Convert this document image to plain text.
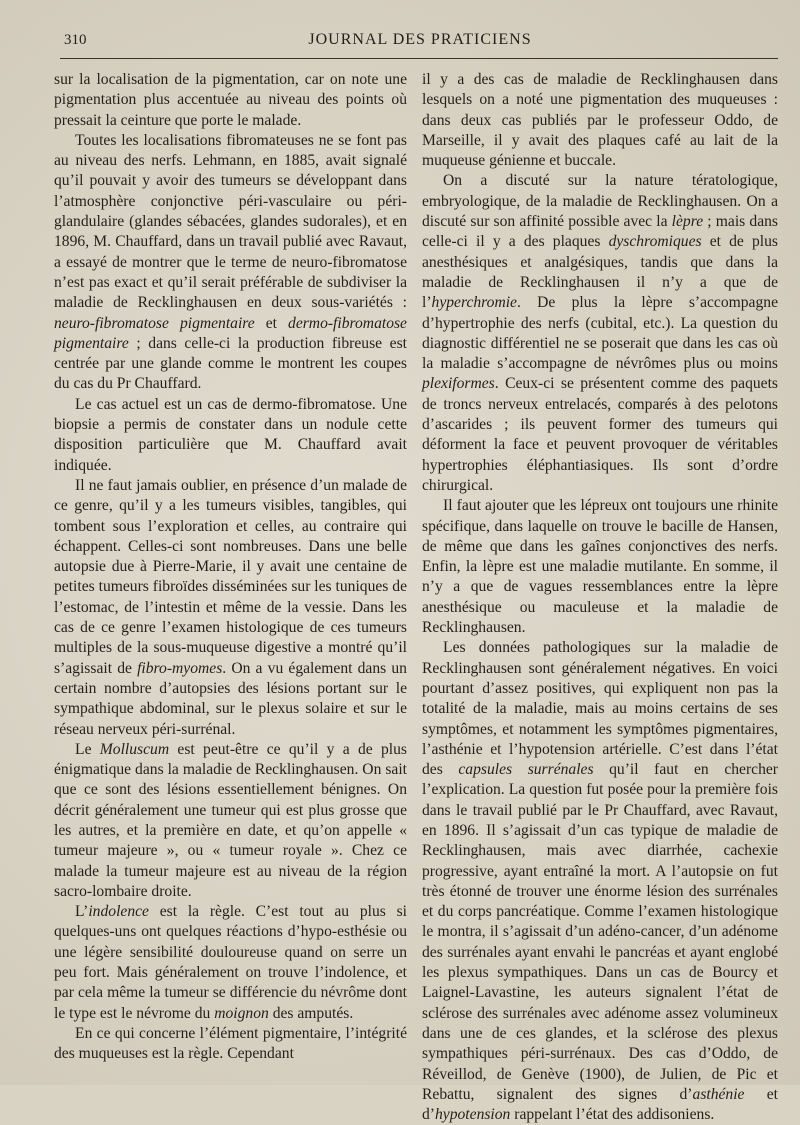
310	JOURNAL DES PRATICIENS

sur la localisation de la pigmentation, car on note une pigmentation plus accentuée au niveau des points où pressait la ceinture que porte le malade.

Toutes les localisations fibromateuses ne se font pas au niveau des nerfs. Lehmann, en 1885, avait signalé qu’il pouvait y avoir des tumeurs se développant dans l’atmosphère conjonctive péri-vasculaire ou péri-glandulaire (glandes sébacées, glandes sudorales), et en 1896, M. Chauffard, dans un travail publié avec Ravaut, a essayé de montrer que le terme de neuro-fibromatose n’est pas exact et qu’il serait préférable de subdiviser la maladie de Recklinghausen en deux sous-variétés : neuro-fibromatose pigmentaire et dermo-fibromatose pigmentaire ; dans celle-ci la production fibreuse est centrée par une glande comme le montrent les coupes du cas du Pr Chauffard.

Le cas actuel est un cas de dermo-fibromatose. Une biopsie a permis de constater dans un nodule cette disposition particulière que M. Chauffard avait indiquée.

Il ne faut jamais oublier, en présence d’un malade de ce genre, qu’il y a les tumeurs visibles, tangibles, qui tombent sous l’exploration et celles, au contraire qui échappent. Celles-ci sont nombreuses. Dans une belle autopsie due à Pierre-Marie, il y avait une centaine de petites tumeurs fibroïdes disséminées sur les tuniques de l’estomac, de l’intestin et même de la vessie. Dans les cas de ce genre l’examen histologique de ces tumeurs multiples de la sous-muqueuse digestive a montré qu’il s’agissait de fibro-myomes. On a vu également dans un certain nombre d’autopsies des lésions portant sur le sympathique abdominal, sur le plexus solaire et sur le réseau nerveux péri-surrénal.

Le Molluscum est peut-être ce qu’il y a de plus énigmatique dans la maladie de Recklinghausen. On sait que ce sont des lésions essentiellement bénignes. On décrit généralement une tumeur qui est plus grosse que les autres, et la première en date, et qu’on appelle « tumeur majeure », ou « tumeur royale ». Chez ce malade la tumeur majeure est au niveau de la région sacro-lombaire droite.

L’indolence est la règle. C’est tout au plus si quelques-uns ont quelques réactions d’hypo-esthésie ou une légère sensibilité douloureuse quand on serre un peu fort. Mais généralement on trouve l’indolence, et par cela même la tumeur se différencie du névrôme dont le type est le névrome du moignon des amputés.

En ce qui concerne l’élément pigmentaire, l’intégrité des muqueuses est la règle. Cependant

il y a des cas de maladie de Recklinghausen dans lesquels on a noté une pigmentation des muqueuses : dans deux cas publiés par le professeur Oddo, de Marseille, il y avait des plaques café au lait de la muqueuse génienne et buccale.

On a discuté sur la nature tératologique, embryologique, de la maladie de Recklinghausen. On a discuté sur son affinité possible avec la lèpre ; mais dans celle-ci il y a des plaques dyschromiques et de plus anesthésiques et analgésiques, tandis que dans la maladie de Recklinghausen il n’y a que de l’hyperchromie. De plus la lèpre s’accompagne d’hypertrophie des nerfs (cubital, etc.). La question du diagnostic différentiel ne se poserait que dans les cas où la maladie s’accompagne de névrômes plus ou moins plexiformes. Ceux-ci se présentent comme des paquets de troncs nerveux entrelacés, comparés à des pelotons d’ascarides ; ils peuvent former des tumeurs qui déforment la face et peuvent provoquer de véritables hypertrophies éléphantiasiques. Ils sont d’ordre chirurgical.

Il faut ajouter que les lépreux ont toujours une rhinite spécifique, dans laquelle on trouve le bacille de Hansen, de même que dans les gaînes conjonctives des nerfs. Enfin, la lèpre est une maladie mutilante. En somme, il n’y a que de vagues ressemblances entre la lèpre anesthésique ou maculeuse et la maladie de Recklinghausen.

Les données pathologiques sur la maladie de Recklinghausen sont généralement négatives. En voici pourtant d’assez positives, qui expliquent non pas la totalité de la maladie, mais au moins certains de ses symptômes, et notamment les symptômes pigmentaires, l’asthénie et l’hypotension artérielle. C’est dans l’état des capsules surrénales qu’il faut en chercher l’explication. La question fut posée pour la première fois dans le travail publié par le Pr Chauffard, avec Ravaut, en 1896. Il s’agissait d’un cas typique de maladie de Recklinghausen, mais avec diarrhée, cachexie progressive, ayant entraîné la mort. A l’autopsie on fut très étonné de trouver une énorme lésion des surrénales et du corps pancréatique. Comme l’examen histologique le montra, il s’agissait d’un adéno-cancer, d’un adénome des surrénales ayant envahi le pancréas et ayant englobé les plexus sympathiques. Dans un cas de Bourcy et Laignel-Lavastine, les auteurs signalent l’état de sclérose des surrénales avec adénome assez volumineux dans une de ces glandes, et la sclérose des plexus sympathiques péri-surrénaux. Des cas d’Oddo, de Réveillod, de Genève (1900), de Julien, de Pic et Rebattu, signalent des signes d’asthénie et d’hypotension rappelant l’état des addisoniens.
